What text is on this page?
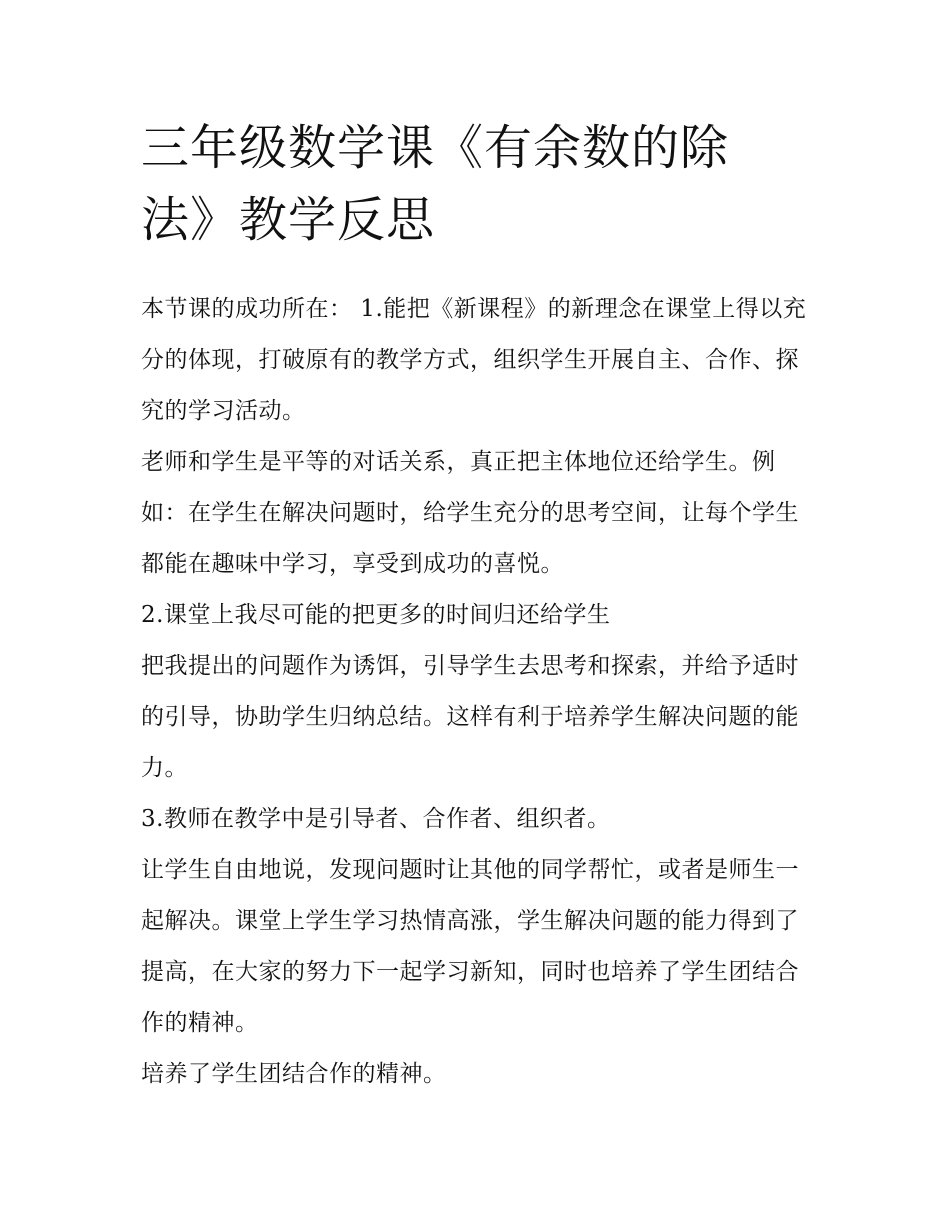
三年级数学课《有余数的除法》教学反思

本节课的成功所在： 1.能把《新课程》的新理念在课堂上得以充分的体现，打破原有的教学方式，组织学生开展自主、合作、探究的学习活动。

老师和学生是平等的对话关系，真正把主体地位还给学生。例如：在学生在解决问题时，给学生充分的思考空间，让每个学生都能在趣味中学习，享受到成功的喜悦。

2.课堂上我尽可能的把更多的时间归还给学生

把我提出的问题作为诱饵，引导学生去思考和探索，并给予适时的引导，协助学生归纳总结。这样有利于培养学生解决问题的能力。

3.教师在教学中是引导者、合作者、组织者。

让学生自由地说，发现问题时让其他的同学帮忙，或者是师生一起解决。课堂上学生学习热情高涨，学生解决问题的能力得到了提高，在大家的努力下一起学习新知，同时也培养了学生团结合作的精神。

培养了学生团结合作的精神。
